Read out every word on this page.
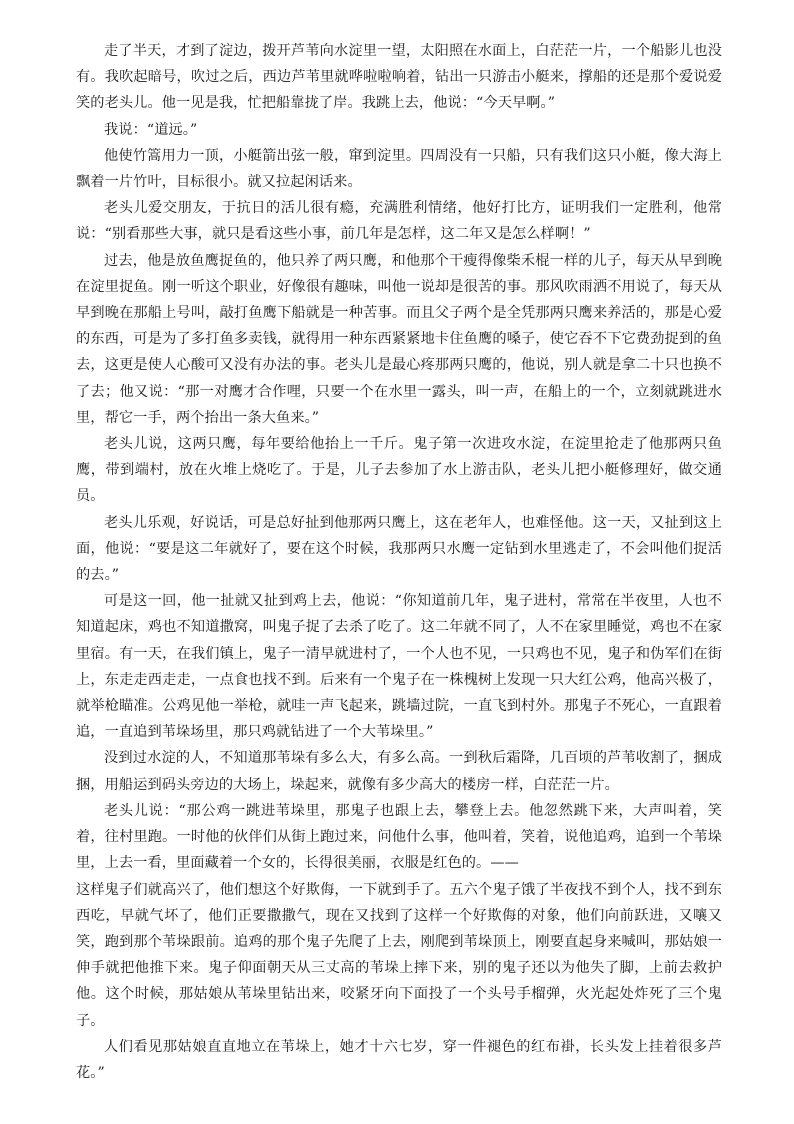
走了半天，才到了淀边，拨开芦苇向水淀里一望，太阳照在水面上，白茫茫一片，一个船影儿也没有。我吹起暗号，吹过之后，西边芦苇里就哗啦啦响着，钻出一只游击小艇来，撑船的还是那个爱说爱笑的老头儿。他一见是我，忙把船靠拢了岸。我跳上去，他说：“今天早啊。”

我说：“道远。”

他使竹篙用力一顶，小艇箭出弦一般，窜到淀里。四周没有一只船，只有我们这只小艇，像大海上飘着一片竹叶，目标很小。就又拉起闲话来。

老头儿爱交朋友，于抗日的活儿很有瘾，充满胜利情绪，他好打比方，证明我们一定胜利，他常说：“别看那些大事，就只是看这些小事，前几年是怎样，这二年又是怎么样啊！”

过去，他是放鱼鹰捉鱼的，他只养了两只鹰，和他那个干瘦得像柴禾棍一样的儿子，每天从早到晚在淀里捉鱼。刚一听这个职业，好像很有趣味，叫他一说却是很苦的事。那风吹雨洒不用说了，每天从早到晚在那船上号叫，敲打鱼鹰下船就是一种苦事。而且父子两个是全凭那两只鹰来养活的，那是心爱的东西，可是为了多打鱼多卖钱，就得用一种东西紧紧地卡住鱼鹰的嗓子，使它吞不下它费劲捉到的鱼去，这更是使人心酸可又没有办法的事。老头儿是最心疼那两只鹰的，他说，别人就是拿二十只也换不了去；他又说：“那一对鹰才合作哩，只要一个在水里一露头，叫一声，在船上的一个，立刻就跳进水里，帮它一手，两个抬出一条大鱼来。”

老头儿说，这两只鹰，每年要给他抬上一千斤。鬼子第一次进攻水淀，在淀里抢走了他那两只鱼鹰，带到端村，放在火堆上烧吃了。于是，儿子去参加了水上游击队，老头儿把小艇修理好，做交通员。

老头儿乐观，好说话，可是总好扯到他那两只鹰上，这在老年人，也难怪他。这一天，又扯到这上面，他说：“要是这二年就好了，要在这个时候，我那两只水鹰一定钻到水里逃走了，不会叫他们捉活的去。”

可是这一回，他一扯就又扯到鸡上去，他说：“你知道前几年，鬼子进村，常常在半夜里，人也不知道起床，鸡也不知道撒窝，叫鬼子捉了去杀了吃了。这二年就不同了，人不在家里睡觉，鸡也不在家里宿。有一天，在我们镇上，鬼子一清早就进村了，一个人也不见，一只鸡也不见，鬼子和伪军们在街上，东走走西走走，一点食也找不到。后来有一个鬼子在一株槐树上发现一只大红公鸡，他高兴极了，就举枪瞄准。公鸡见他一举枪，就哇一声飞起来，跳墙过院，一直飞到村外。那鬼子不死心，一直跟着追，一直追到苇垛场里，那只鸡就钻进了一个大苇垛里。”

没到过水淀的人，不知道那苇垛有多么大，有多么高。一到秋后霜降，几百顷的芦苇收割了，捆成捆，用船运到码头旁边的大场上，垛起来，就像有多少高大的楼房一样，白茫茫一片。

老头儿说：“那公鸡一跳进苇垛里，那鬼子也跟上去，攀登上去。他忽然跳下来，大声叫着，笑着，往村里跑。一时他的伙伴们从街上跑过来，问他什么事，他叫着，笑着，说他追鸡，追到一个苇垛里，上去一看，里面藏着一个女的，长得很美丽，衣服是红色的。——

这样鬼子们就高兴了，他们想这个好欺侮，一下就到手了。五六个鬼子饿了半夜找不到个人，找不到东西吃，早就气坏了，他们正要撒撒气，现在又找到了这样一个好欺侮的对象，他们向前跃进，又嚷又笑，跑到那个苇垛跟前。追鸡的那个鬼子先爬了上去，刚爬到苇垛顶上，刚要直起身来喊叫，那姑娘一伸手就把他推下来。鬼子仰面朝天从三丈高的苇垛上摔下来，别的鬼子还以为他失了脚，上前去救护他。这个时候，那姑娘从苇垛里钻出来，咬紧牙向下面投了一个头号手榴弹，火光起处炸死了三个鬼子。

人们看见那姑娘直直地立在苇垛上，她才十六七岁，穿一件褪色的红布褂，长头发上挂着很多芦花。”
